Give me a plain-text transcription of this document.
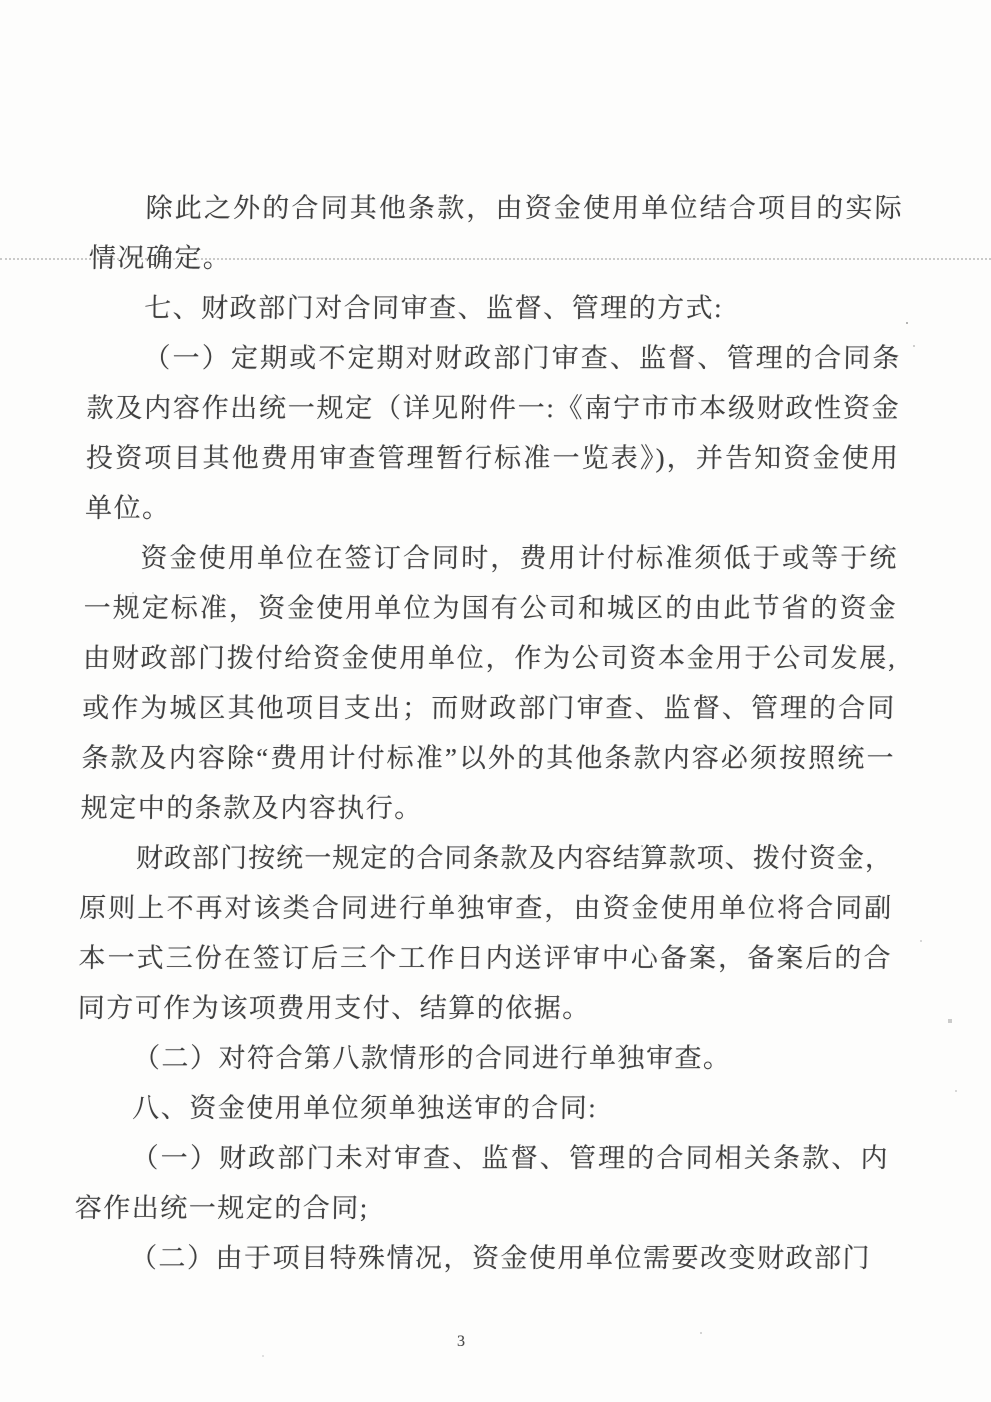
除此之外的合同其他条款，由资金使用单位结合项目的实际
情况确定。
七、财政部门对合同审查、监督、管理的方式:
（一）定期或不定期对财政部门审查、监督、管理的合同条
款及内容作出统一规定（详见附件一:《南宁市市本级财政性资金
投资项目其他费用审查管理暂行标准一览表》)，并告知资金使用
单位。
资金使用单位在签订合同时，费用计付标准须低于或等于统
一规定标准，资金使用单位为国有公司和城区的由此节省的资金
由财政部门拨付给资金使用单位，作为公司资本金用于公司发展,
或作为城区其他项目支出；而财政部门审查、监督、管理的合同
条款及内容除“费用计付标准”以外的其他条款内容必须按照统一
规定中的条款及内容执行。
财政部门按统一规定的合同条款及内容结算款项、拨付资金，
原则上不再对该类合同进行单独审查，由资金使用单位将合同副
本一式三份在签订后三个工作日内送评审中心备案，备案后的合
同方可作为该项费用支付、结算的依据。
（二）对符合第八款情形的合同进行单独审查。
八、资金使用单位须单独送审的合同:
（一）财政部门未对审查、监督、管理的合同相关条款、内
容作出统一规定的合同;
（二）由于项目特殊情况，资金使用单位需要改变财政部门
3
